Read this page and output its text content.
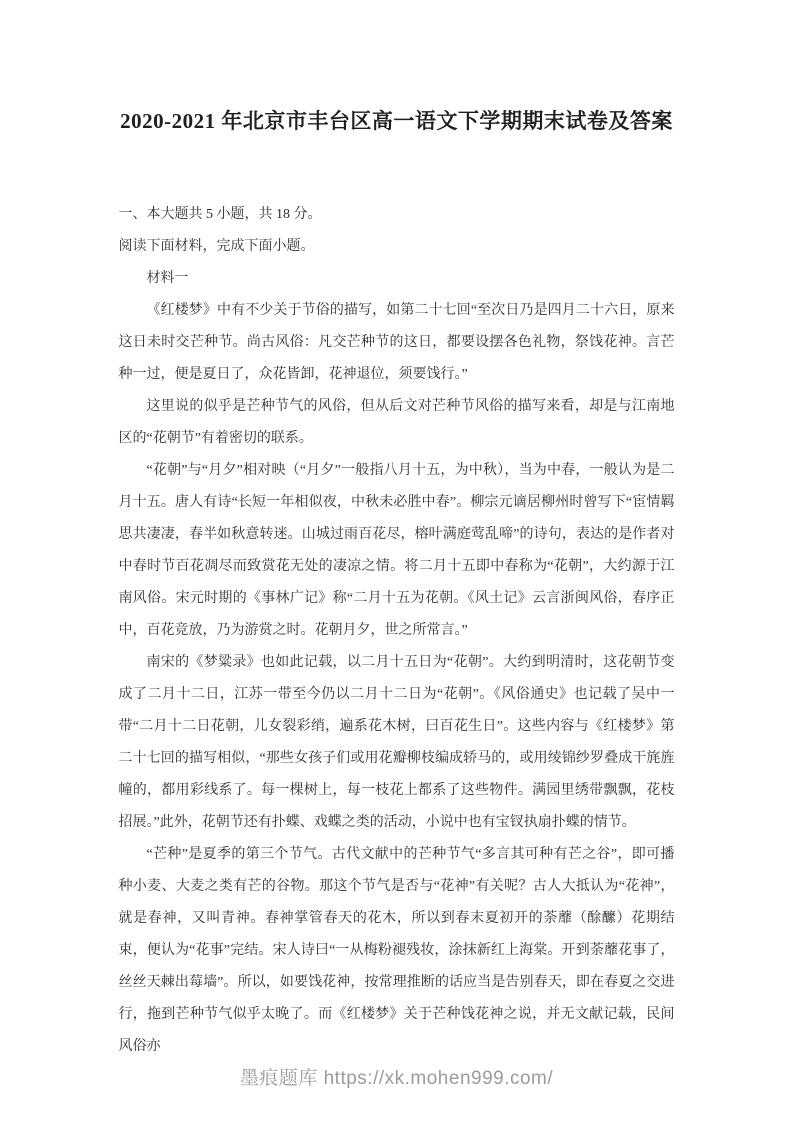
2020-2021 年北京市丰台区高一语文下学期期末试卷及答案

一、本大题共 5 小题，共 18 分。

阅读下面材料，完成下面小题。

材料一

《红楼梦》中有不少关于节俗的描写，如第二十七回“至次日乃是四月二十六日，原来这日未时交芒种节。尚古风俗：凡交芒种节的这日，都要设摆各色礼物，祭饯花神。言芒种一过，便是夏日了，众花皆卸，花神退位，须要饯行。”

这里说的似乎是芒种节气的风俗，但从后文对芒种节风俗的描写来看，却是与江南地区的“花朝节”有着密切的联系。

“花朝”与“月夕”相对映（“月夕”一般指八月十五，为中秋），当为中春，一般认为是二月十五。唐人有诗“长短一年相似夜，中秋未必胜中春”。柳宗元谪居柳州时曾写下“宦情羁思共凄凄，春半如秋意转迷。山城过雨百花尽，榕叶满庭莺乱啼”的诗句，表达的是作者对中春时节百花凋尽而致赏花无处的凄凉之情。将二月十五即中春称为“花朝”，大约源于江南风俗。宋元时期的《事林广记》称“二月十五为花朝。《风土记》云言浙闽风俗，春序正中，百花竞放，乃为游赏之时。花朝月夕，世之所常言。”

南宋的《梦粱录》也如此记载，以二月十五日为“花朝”。大约到明清时，这花朝节变成了二月十二日，江苏一带至今仍以二月十二日为“花朝”。《风俗通史》也记载了吴中一带“二月十二日花朝，儿女裂彩绡，遍系花木树，曰百花生日”。这些内容与《红楼梦》第二十七回的描写相似，“那些女孩子们或用花瓣柳枝编成轿马的，或用绫锦纱罗叠成干旄旌幢的，都用彩线系了。每一棵树上，每一枝花上都系了这些物件。满园里绣带飘飘，花枝招展。”此外，花朝节还有扑蝶、戏蝶之类的活动，小说中也有宝钗执扇扑蝶的情节。

“芒种”是夏季的第三个节气。古代文献中的芒种节气“多言其可种有芒之谷”，即可播种小麦、大麦之类有芒的谷物。那这个节气是否与“花神”有关呢？古人大抵认为“花神”，就是春神，又叫青神。春神掌管春天的花木，所以到春末夏初开的荼蘼（酴醿）花期结束，便认为“花事”完结。宋人诗曰“一从梅粉褪残妆，涂抹新红上海棠。开到荼蘼花事了，丝丝天棘出莓墙”。所以，如要饯花神，按常理推断的话应当是告别春天，即在春夏之交进行，拖到芒种节气似乎太晚了。而《红楼梦》关于芒种饯花神之说，并无文献记载，民间风俗亦

墨痕题库 https://xk.mohen999.com/
